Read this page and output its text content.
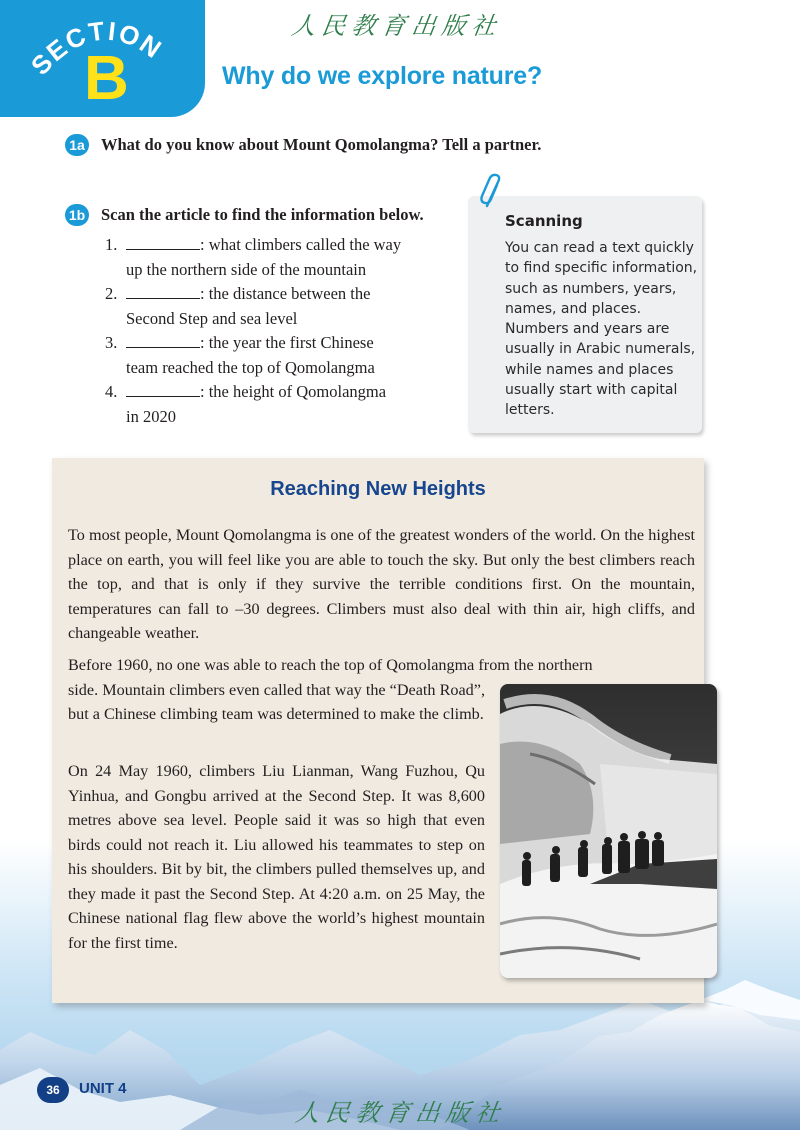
SECTION
B
人民教育出版社
Why do we explore nature?
1a What do you know about Mount Qomolangma? Tell a partner.
1b Scan the article to find the information below.
1.	: what climbers called the way
up the northern side of the mountain
2.	: the distance between the
Second Step and sea level
3.	: the year the first Chinese
team reached the top of Qomolangma
4.	: the height of Qomolangma
in 2020
Scanning
You can read a text quickly to find specific information, such as numbers, years, names, and places. Numbers and years are usually in Arabic numerals, while names and places usually start with capital letters.
Reaching New Heights

To most people, Mount Qomolangma is one of the greatest wonders of the world. On the highest place on earth, you will feel like you are able to touch the sky. But only the best climbers reach the top, and that is only if they survive the terrible conditions first. On the mountain, temperatures can fall to –30 degrees. Climbers must also deal with thin air, high cliffs, and changeable weather.

Before 1960, no one was able to reach the top of Qomolangma from the northern

side. Mountain climbers even called that way the “Death Road”, but a Chinese climbing team was determined to make the climb.

On 24 May 1960, climbers Liu Lianman, Wang Fuzhou, Qu Yinhua, and Gongbu arrived at the Second Step. It was 8,600 metres above sea level. People said it was so high that even birds could not reach it. Liu allowed his teammates to step on his shoulders. Bit by bit, the climbers pulled themselves up, and they made it past the Second Step. At 4:20 a.m. on 25 May, the Chinese national flag flew above the world’s highest mountain for the first time.

36	UNIT 4
人民教育出版社
